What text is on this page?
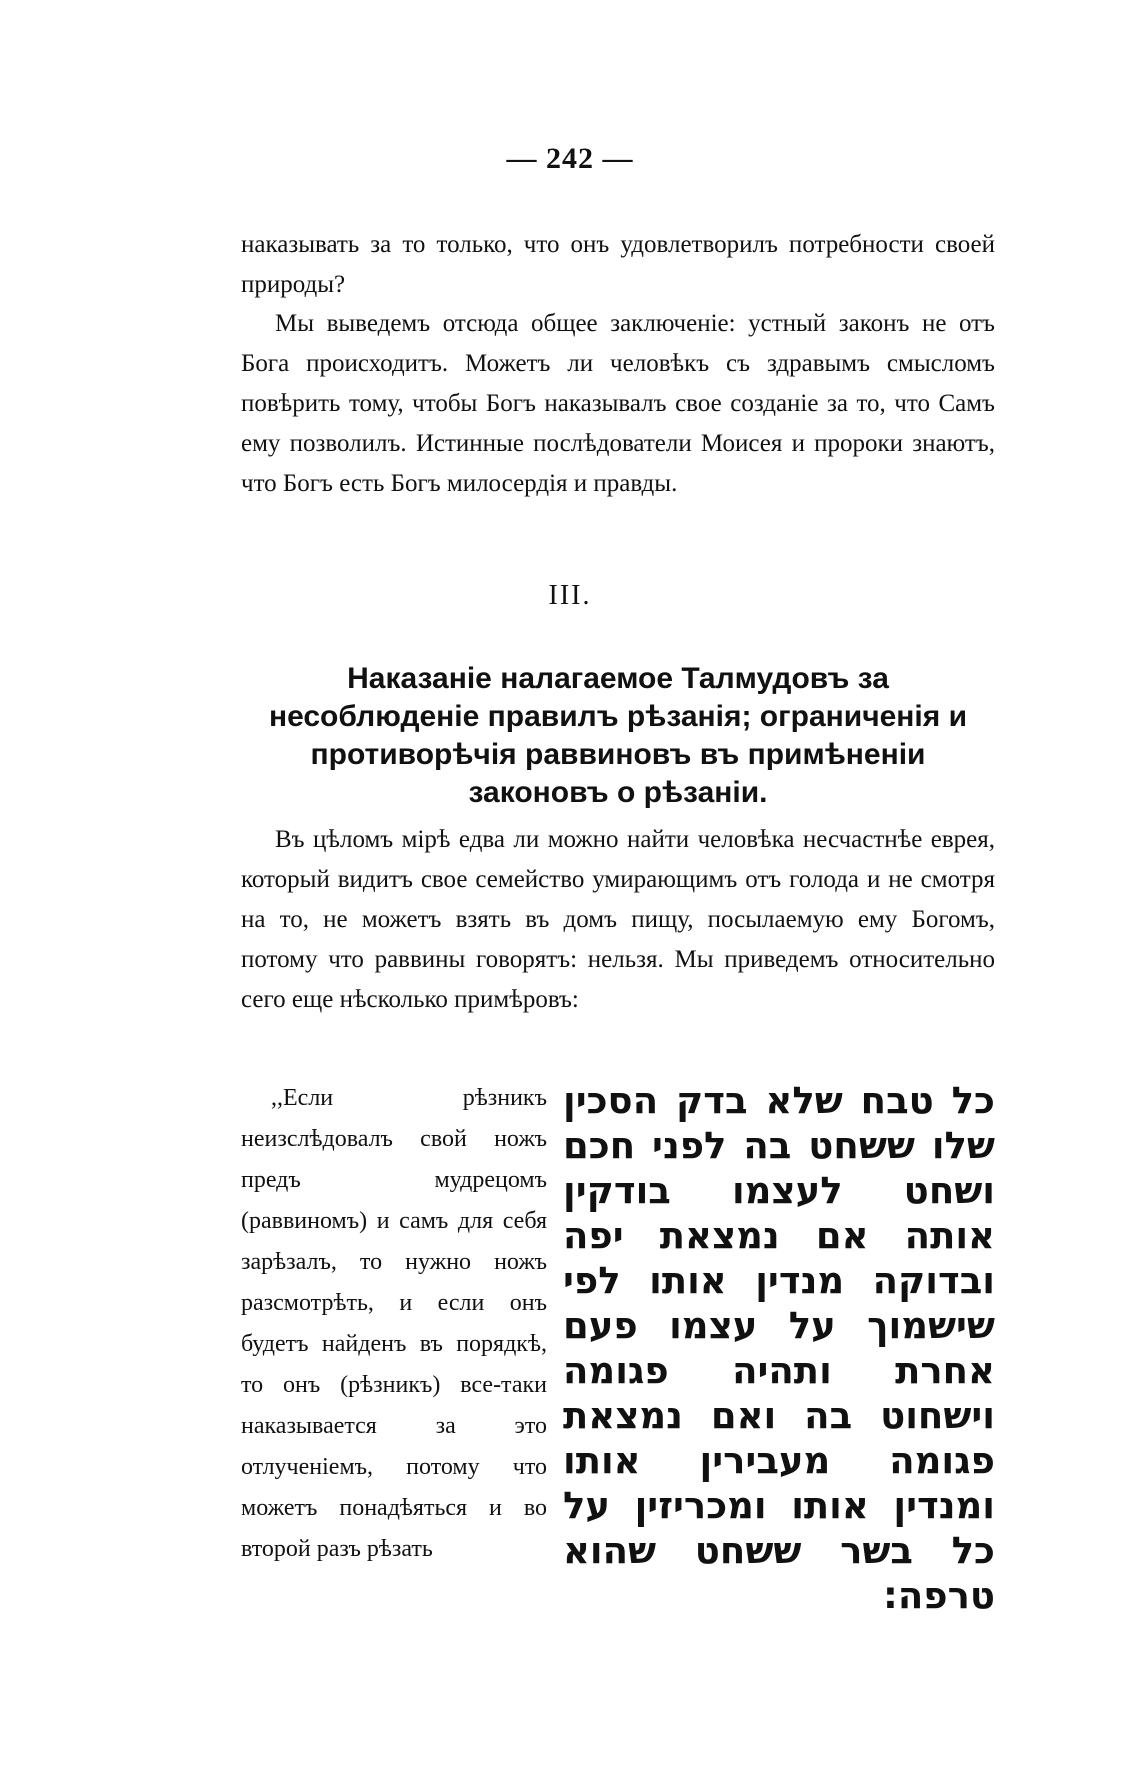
— 242 —
наказывать за то только, что онъ удовлетворилъ потребности своей природы?
Мы выведемъ отсюда общее заключеніе: устный законъ не отъ Бога происходитъ. Можетъ ли человѣкъ съ здравымъ смысломъ повѣрить тому, чтобы Богъ наказывалъ свое созданіе за то, что Самъ ему позволилъ. Истинные послѣдователи Моисея и пророки знаютъ, что Богъ есть Богъ милосердія и правды.
III.
Наказаніе налагаемое Талмудовъ за несоблюденіе правилъ рѣзанія; ограниченія и противорѣчія раввиновъ въ примѣненіи законовъ о рѣзаніи.
Въ цѣломъ мірѣ едва ли можно найти человѣка несчастнѣе еврея, который видитъ свое семейство умирающимъ отъ голода и не смотря на то, не можетъ взять въ домъ пищу, посылаемую ему Богомъ, потому что раввины говорятъ: нельзя. Мы приведемъ относительно сего еще нѣсколько примѣровъ:
,,Если рѣзникъ неизслѣдовалъ свой ножъ предъ мудрецомъ (раввиномъ) и самъ для себя зарѣзалъ, то нужно ножъ разсмотрѣть, и если онъ будетъ найденъ въ порядкѣ, то онъ (рѣзникъ) все-таки наказывается за это отлученіемъ, потому что можетъ понадѣяться и во второй разъ рѣзать
כל טבח שלא בדק הסכין שלו ששחט בה לפני חכם ושחט לעצמו בודקין אותה אם נמצאת יפה ובדוקה מנדין אותו לפי שישמוך על עצמו פעם אחרת ותהיה פגומה וישחוט בה ואם נמצאת פגומה מעבירין אותו ומנדין אותו ומכריזין על כל בשר ששחט שהוא טרפה:
